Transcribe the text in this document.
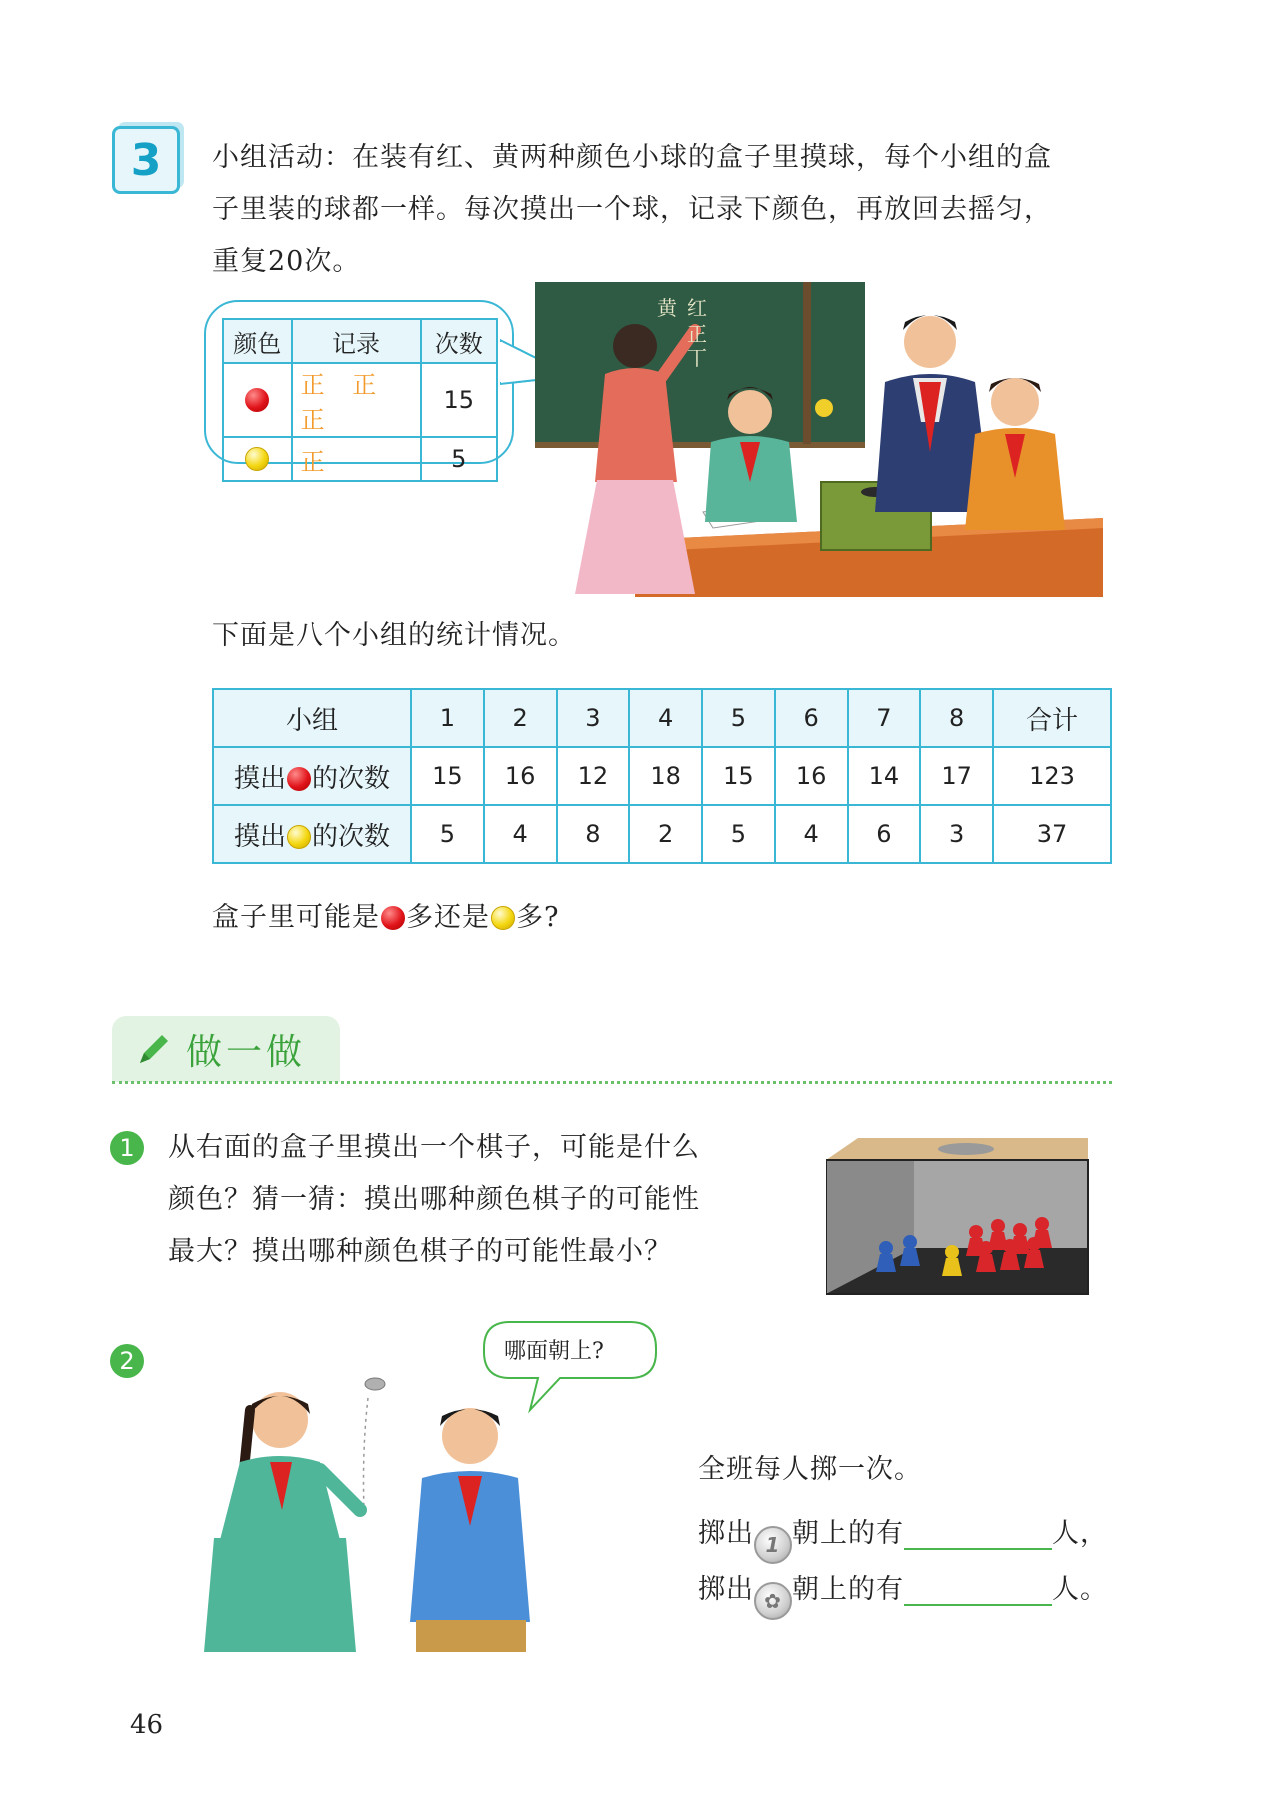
3 小组活动：在装有红、黄两种颜色小球的盒子里摸球，每个小组的盒
子里装的球都一样。每次摸出一个球，记录下颜色，再放回去摇匀，
重复20次。
颜色	记录	次数
	正 正 正	15
	正	5
黄 红
正
丅
下面是八个小组的统计情况。
小组	1	2	3	4	5	6	7	8	合计
摸出 的次数	15	16	12	18	15	16	14	17	123
摸出 的次数	5	4	8	2	5	4	6	3	37
盒子里可能是 多还是 多?
做一做
1	从右面的盒子里摸出一个棋子，可能是什么
颜色？猜一猜：摸出哪种颜色棋子的可能性
最大？摸出哪种颜色棋子的可能性最小？
2	哪面朝上?
全班每人掷一次。
掷出 1 朝上的有	人，
掷出 ✿ 朝上的有	人。
46
